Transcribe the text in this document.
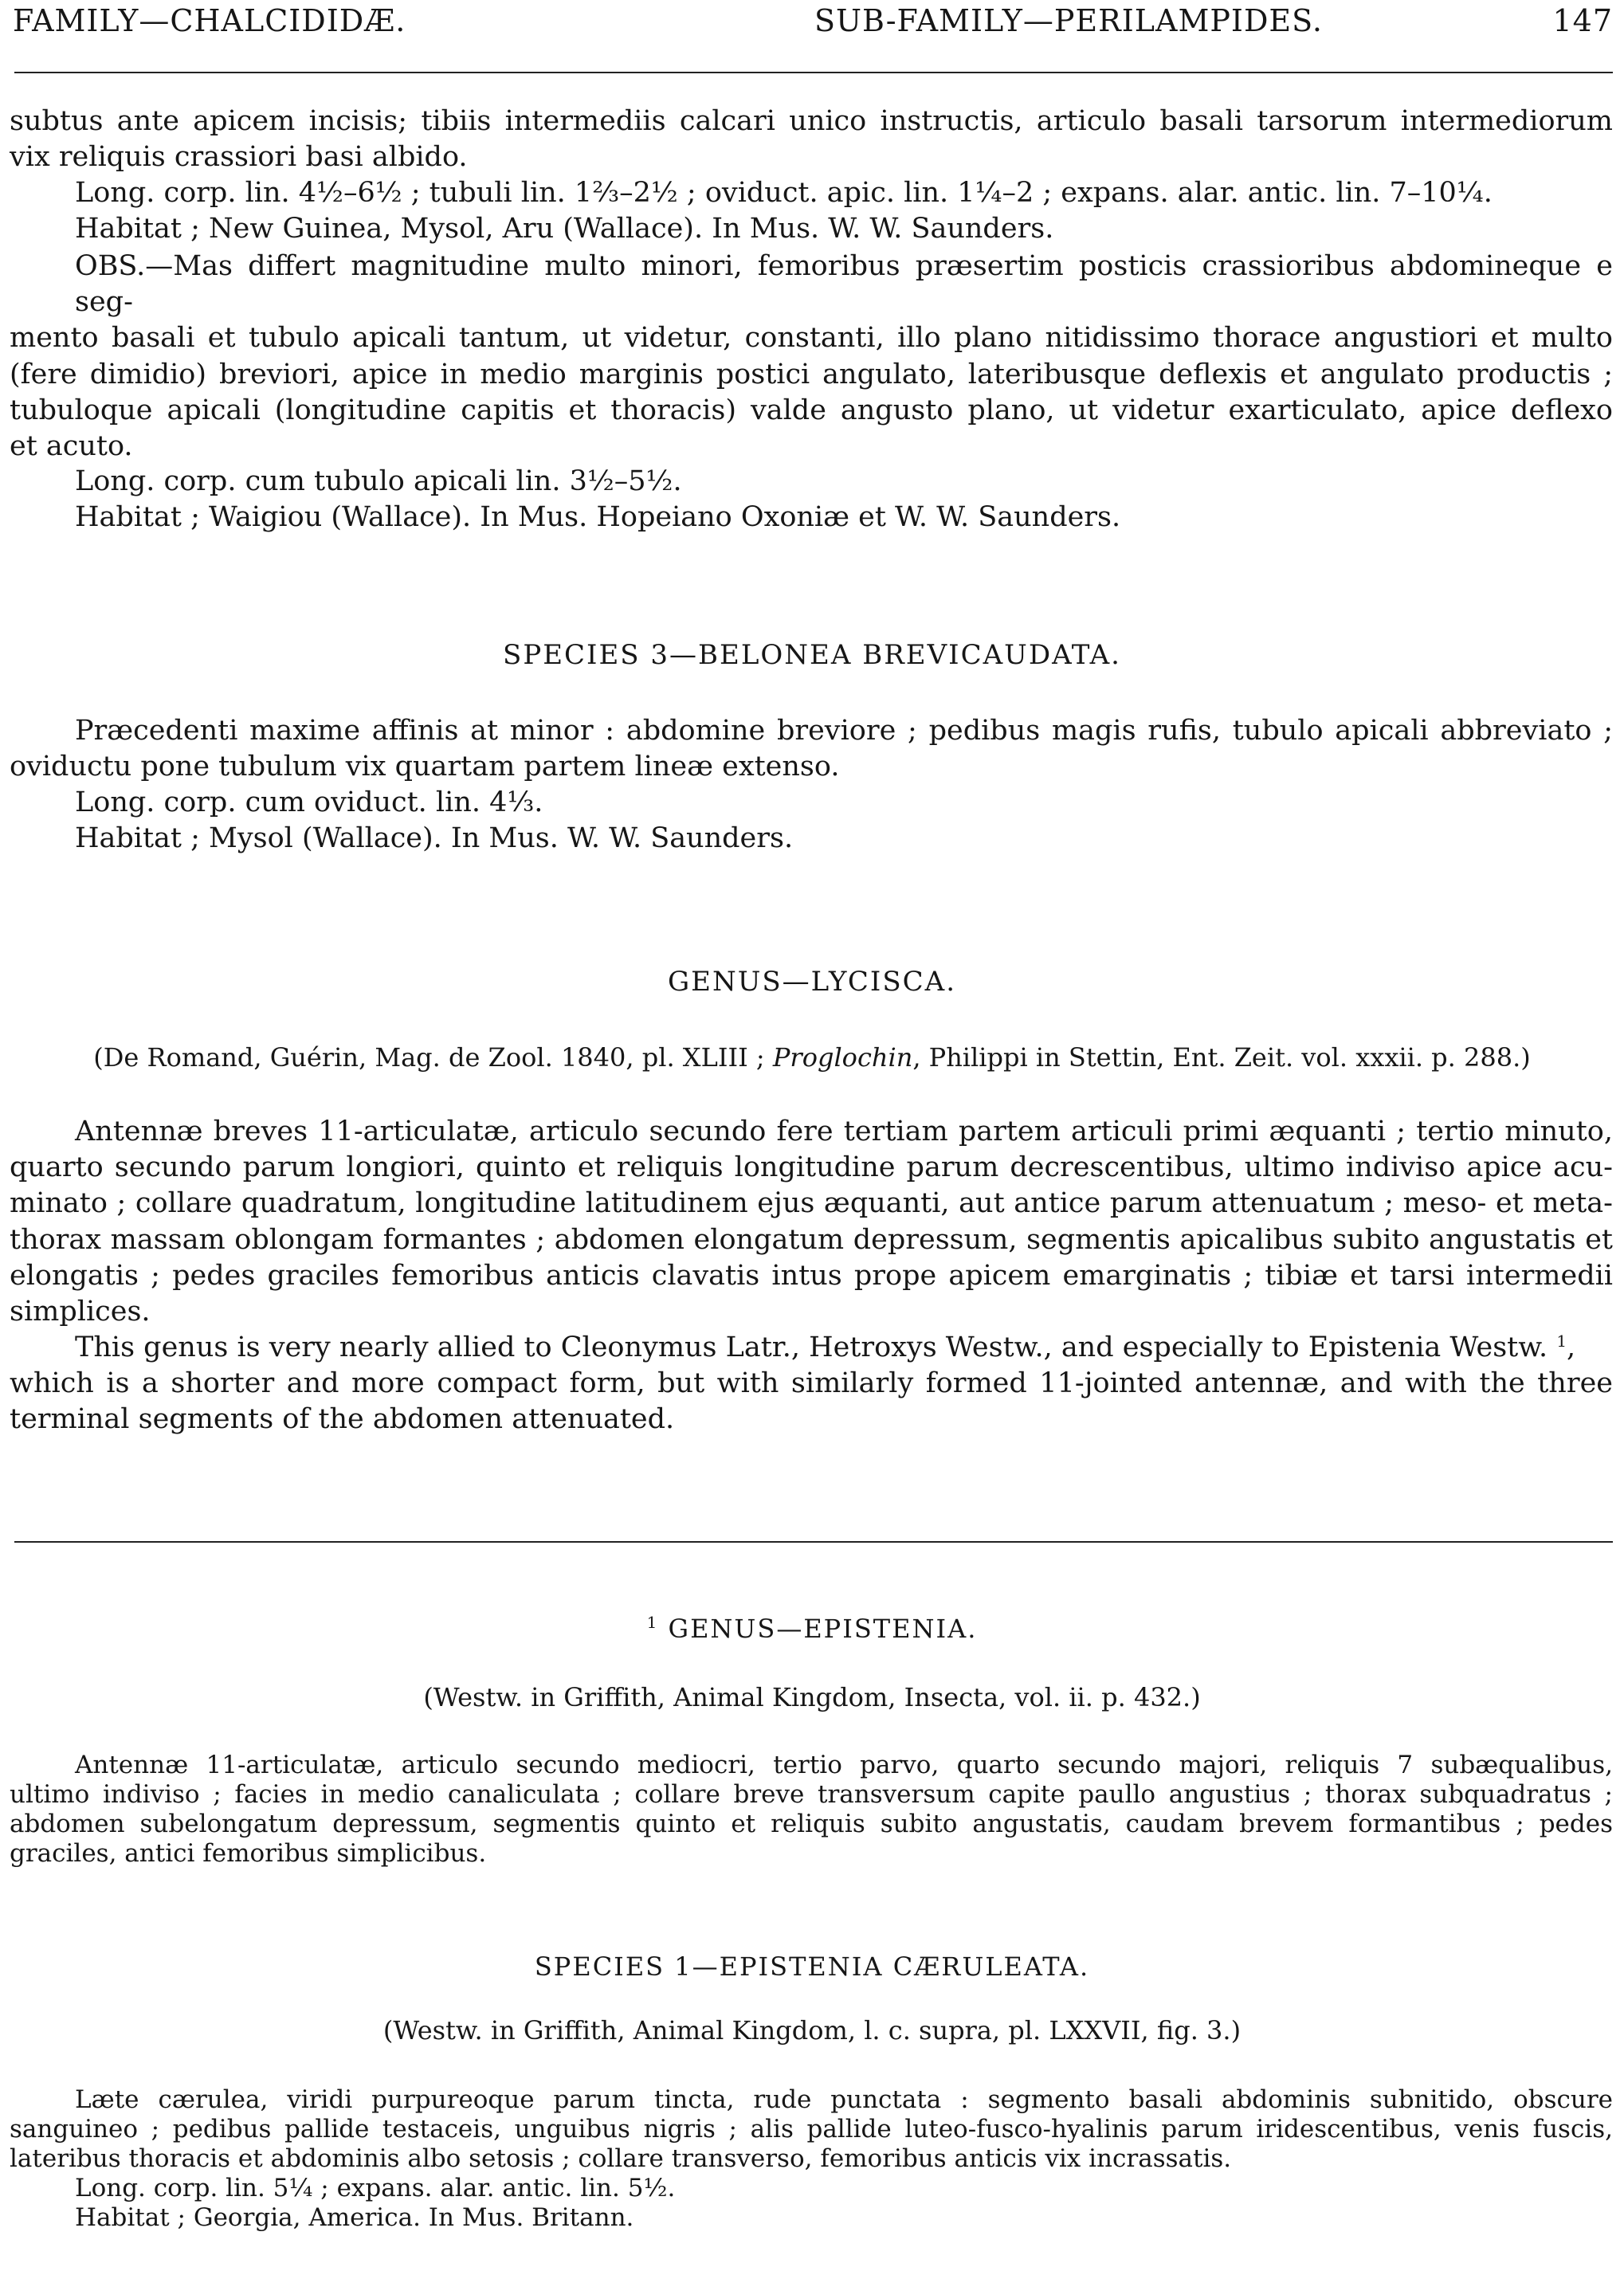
FAMILY—CHALCIDIDÆ.	SUB-FAMILY—PERILAMPIDES.	147

subtus ante apicem incisis; tibiis intermediis calcari unico instructis, articulo basali tarsorum intermediorum

vix reliquis crassiori basi albido.

Long. corp. lin. 4½–6½ ; tubuli lin. 1⅔–2½ ; oviduct. apic. lin. 1¼–2 ; expans. alar. antic. lin. 7–10¼.

Habitat ; New Guinea, Mysol, Aru (Wallace). In Mus. W. W. Saunders.

OBS.—Mas differt magnitudine multo minori, femoribus præsertim posticis crassioribus abdomineque e seg-

mento basali et tubulo apicali tantum, ut videtur, constanti, illo plano nitidissimo thorace angustiori et multo

(fere dimidio) breviori, apice in medio marginis postici angulato, lateribusque deflexis et angulato productis ;

tubuloque apicali (longitudine capitis et thoracis) valde angusto plano, ut videtur exarticulato, apice deflexo

et acuto.

Long. corp. cum tubulo apicali lin. 3½–5½.

Habitat ; Waigiou (Wallace). In Mus. Hopeiano Oxoniæ et W. W. Saunders.

SPECIES 3—BELONEA BREVICAUDATA.

Præcedenti maxime affinis at minor : abdomine breviore ; pedibus magis rufis, tubulo apicali abbreviato ;

oviductu pone tubulum vix quartam partem lineæ extenso.

Long. corp. cum oviduct. lin. 4⅓.

Habitat ; Mysol (Wallace). In Mus. W. W. Saunders.

GENUS—LYCISCA.
(De Romand, Guérin, Mag. de Zool. 1840, pl. XLIII ; Proglochin, Philippi in Stettin, Ent. Zeit. vol. xxxii. p. 288.)

Antennæ breves 11-articulatæ, articulo secundo fere tertiam partem articuli primi æquanti ; tertio minuto,

quarto secundo parum longiori, quinto et reliquis longitudine parum decrescentibus, ultimo indiviso apice acu-

minato ; collare quadratum, longitudine latitudinem ejus æquanti, aut antice parum attenuatum ; meso- et meta-

thorax massam oblongam formantes ; abdomen elongatum depressum, segmentis apicalibus subito angustatis et

elongatis ; pedes graciles femoribus anticis clavatis intus prope apicem emarginatis ; tibiæ et tarsi intermedii

simplices.

This genus is very nearly allied to Cleonymus Latr., Hetroxys Westw., and especially to Epistenia Westw. $^1$,

which is a shorter and more compact form, but with similarly formed 11-jointed antennæ, and with the three

terminal segments of the abdomen attenuated.

$^1$ GENUS—EPISTENIA.
(Westw. in Griffith, Animal Kingdom, Insecta, vol. ii. p. 432.)

Antennæ 11-articulatæ, articulo secundo mediocri, tertio parvo, quarto secundo majori, reliquis 7 subæqualibus,

ultimo indiviso ; facies in medio canaliculata ; collare breve transversum capite paullo angustius ; thorax subquadratus ;

abdomen subelongatum depressum, segmentis quinto et reliquis subito angustatis, caudam brevem formantibus ; pedes

graciles, antici femoribus simplicibus.

SPECIES 1—EPISTENIA CÆRULEATA.
(Westw. in Griffith, Animal Kingdom, l. c. supra, pl. LXXVII, fig. 3.)

Læte cærulea, viridi purpureoque parum tincta, rude punctata : segmento basali abdominis subnitido, obscure

sanguineo ; pedibus pallide testaceis, unguibus nigris ; alis pallide luteo-fusco-hyalinis parum iridescentibus, venis fuscis,

lateribus thoracis et abdominis albo setosis ; collare transverso, femoribus anticis vix incrassatis.

Long. corp. lin. 5¼ ; expans. alar. antic. lin. 5½.

Habitat ; Georgia, America. In Mus. Britann.
